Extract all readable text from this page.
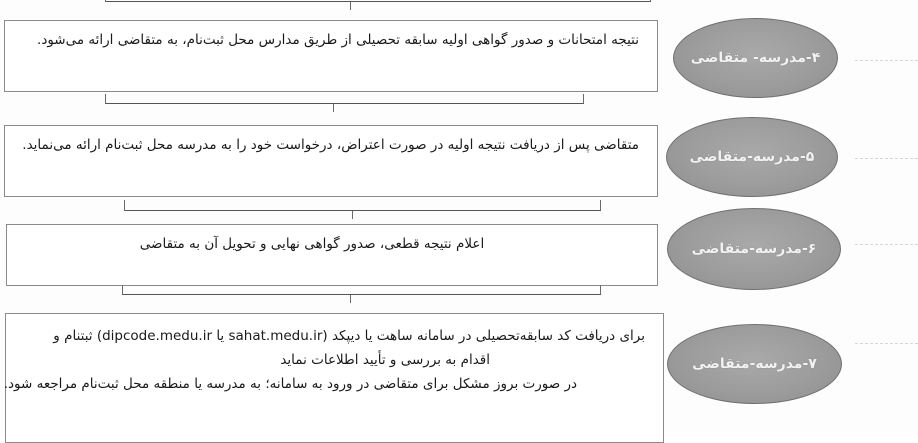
نتیجه امتحانات و صدور گواهی اولیه سابقه تحصیلی از طریق مدارس محل ثبت‌نام، به متقاضی ارائه می‌شود.
۴-مدرسه- متقاضی
متقاضی پس از دریافت نتیجه اولیه در صورت اعتراض، درخواست خود را به مدرسه محل ثبت‌نام ارائه می‌نماید.
۵-مدرسه-متقاضی
اعلام نتیجه قطعی، صدور گواهی نهایی و تحویل آن به متقاضی	۶-مدرسه-متقاضی
برای دریافت کد سابقه‌تحصیلی در سامانه ساهت یا دیپکد (sahat.medu.ir یا dipcode.medu.ir) ثبتنام و
اقدام به بررسی و تأیید اطلاعات نماید
در صورت بروز مشکل برای متقاضی در ورود به سامانه؛ به مدرسه یا منطقه محل ثبت‌نام مراجعه شود.
۷-مدرسه-متقاضی
